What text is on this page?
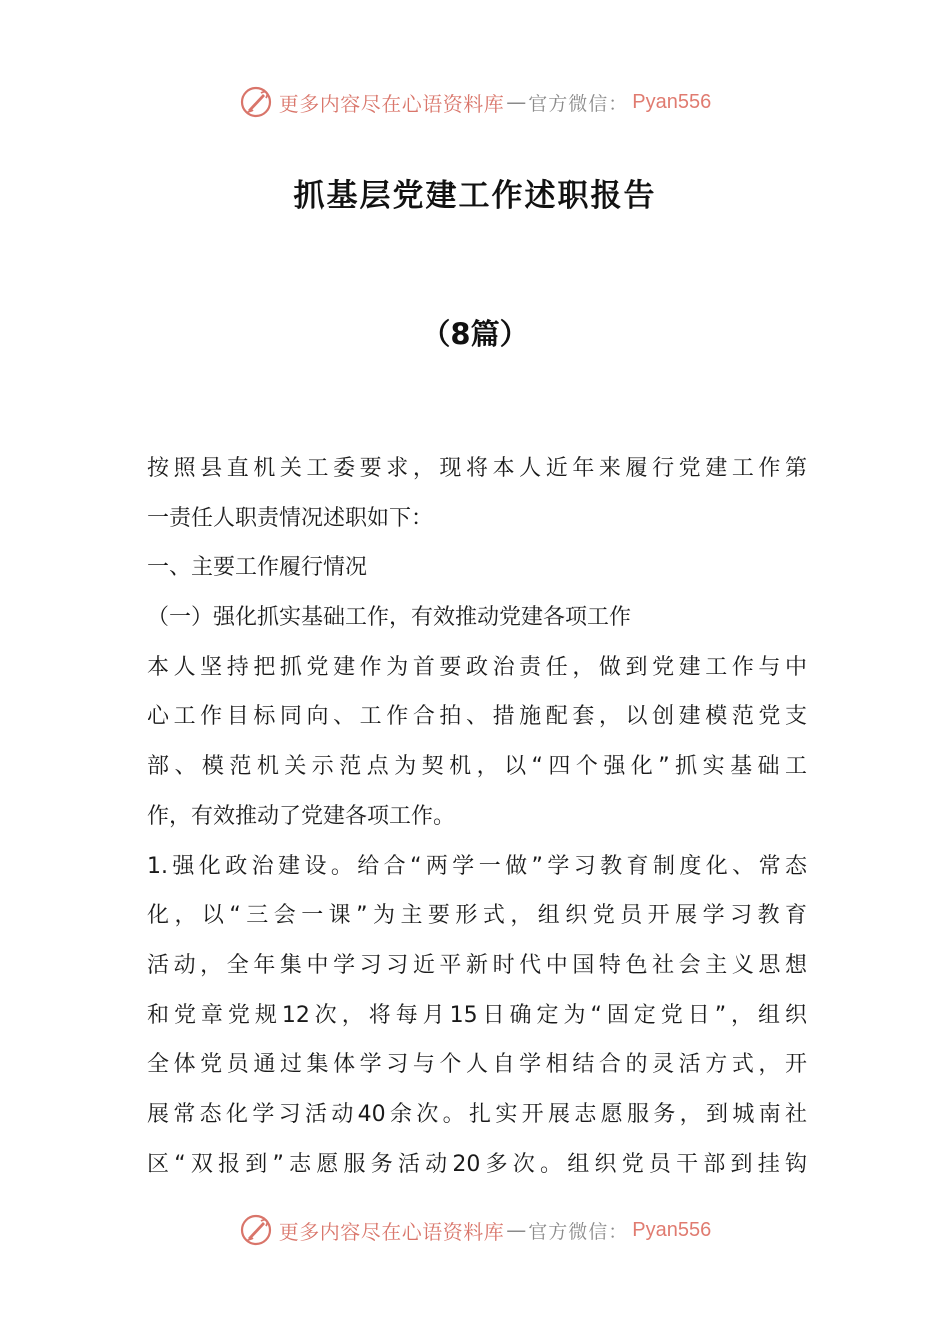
更多内容尽在心语资料库 — 官方微信： Pyan556
抓基层党建工作述职报告
（8篇）
按照县直机关工委要求，现将本人近年来履行党建工作第
一责任人职责情况述职如下：
一、主要工作履行情况
（一）强化抓实基础工作，有效推动党建各项工作
本人坚持把抓党建作为首要政治责任，做到党建工作与中
心工作目标同向、工作合拍、措施配套，以创建模范党支
部、模范机关示范点为契机，以“四个强化”抓实基础工
作，有效推动了党建各项工作。
1.强化政治建设。给合“两学一做”学习教育制度化、常态
化，以“三会一课”为主要形式，组织党员开展学习教育
活动，全年集中学习习近平新时代中国特色社会主义思想
和党章党规12次，将每月15日确定为“固定党日”，组织
全体党员通过集体学习与个人自学相结合的灵活方式，开
展常态化学习活动40余次。扎实开展志愿服务，到城南社
区“双报到”志愿服务活动20多次。组织党员干部到挂钩
更多内容尽在心语资料库 — 官方微信： Pyan556
